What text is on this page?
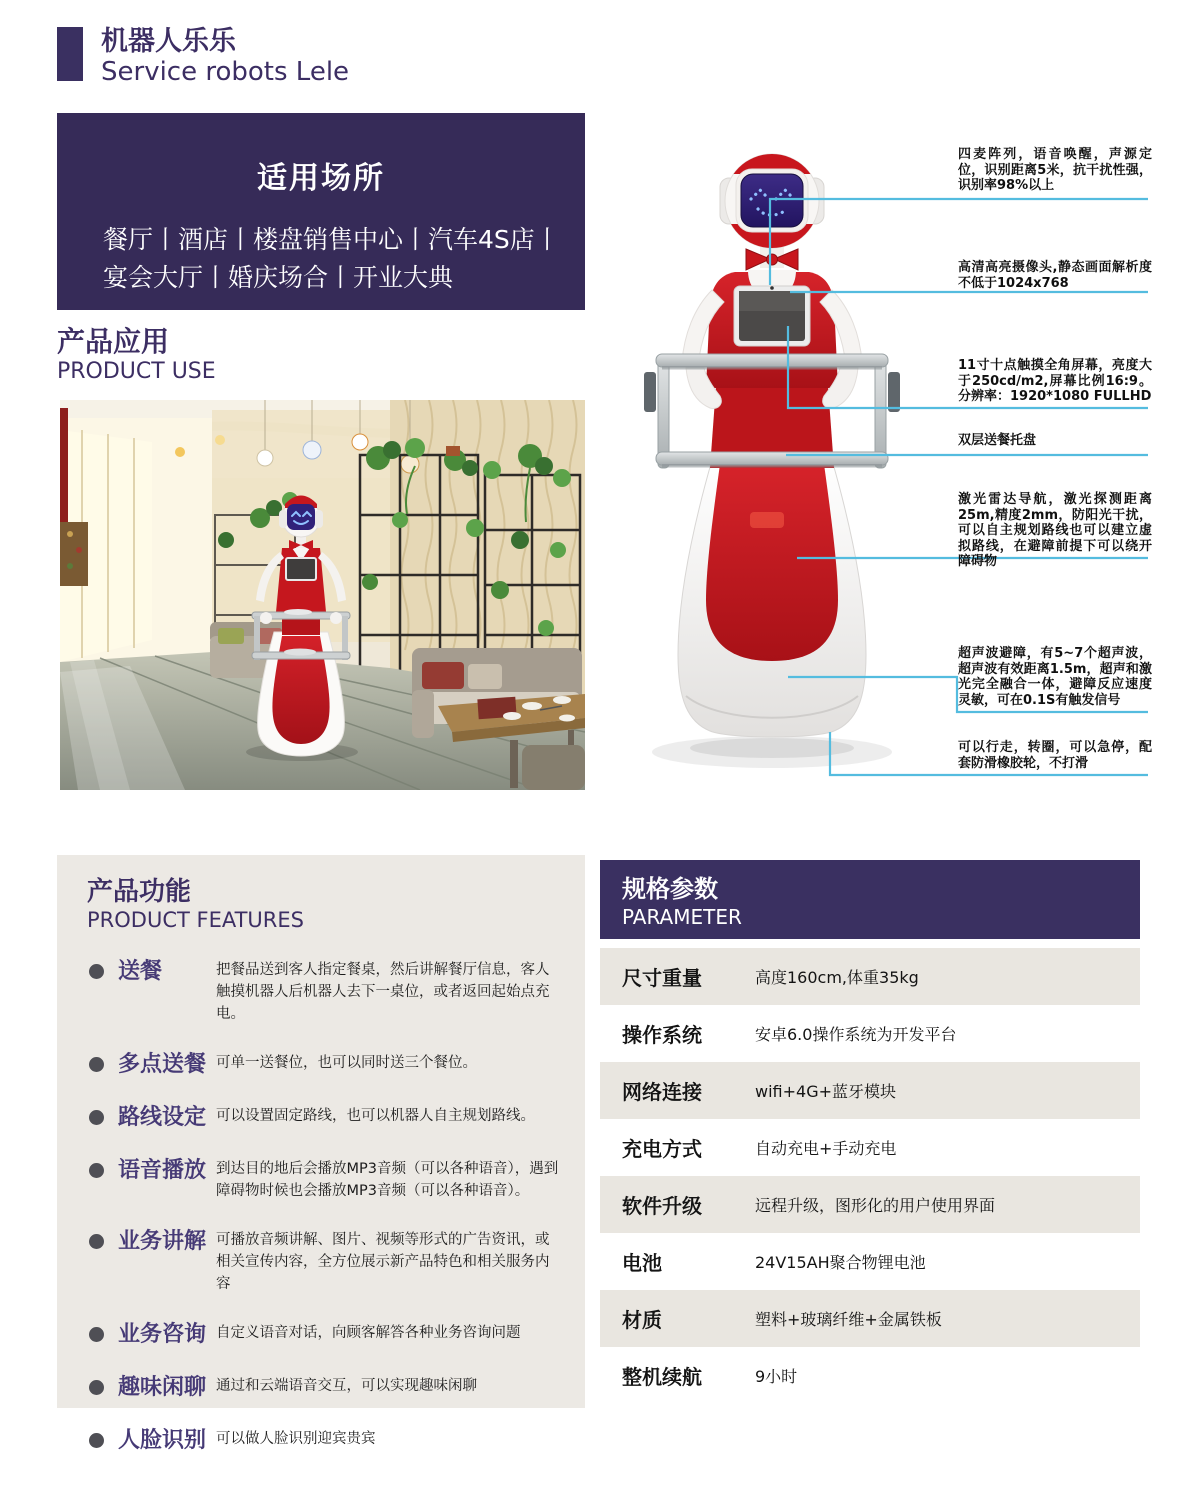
机器人乐乐
Service robots Lele
适用场所
餐厅丨酒店丨楼盘销售中心丨汽车4S店丨
宴会大厅丨婚庆场合丨开业大典
产品应用
PRODUCT USE
四麦阵列，语音唤醒，声源定位，识别距离5米，抗干扰性强，识别率98%以上
高清高亮摄像头,静态画面解析度不低于1024x768
11寸十点触摸全角屏幕，亮度大于250cd/m2,屏幕比例16:9。分辨率：1920*1080 FULLHD
双层送餐托盘
激光雷达导航，激光探测距离25m,精度2mm，防阳光干扰，可以自主规划路线也可以建立虚拟路线，在避障前提下可以绕开障碍物
超声波避障，有5~7个超声波，超声波有效距离1.5m，超声和激光完全融合一体，避障反应速度灵敏，可在0.1S有触发信号
可以行走，转圈，可以急停，配套防滑橡胶轮，不打滑
产品功能
PRODUCT FEATURES
送餐	把餐品送到客人指定餐桌，然后讲解餐厅信息，客人触摸机器人后机器人去下一桌位，或者返回起始点充电。
多点送餐 可单一送餐位，也可以同时送三个餐位。
路线设定 可以设置固定路线，也可以机器人自主规划路线。
语音播放 到达目的地后会播放MP3音频（可以各种语音），遇到障碍物时候也会播放MP3音频（可以各种语音）。
业务讲解 可播放音频讲解、图片、视频等形式的广告资讯，或相关宣传内容，全方位展示新产品特色和相关服务内容
业务咨询 自定义语音对话，向顾客解答各种业务咨询问题
趣味闲聊 通过和云端语音交互，可以实现趣味闲聊
人脸识别 可以做人脸识别迎宾贵宾
规格参数
PARAMETER
尺寸重量	高度160cm,体重35kg
操作系统	安卓6.0操作系统为开发平台
网络连接	wifi+4G+蓝牙模块
充电方式	自动充电+手动充电
软件升级	远程升级，图形化的用户使用界面
电池	24V15AH聚合物锂电池
材质	塑料+玻璃纤维+金属铁板
整机续航	9小时
